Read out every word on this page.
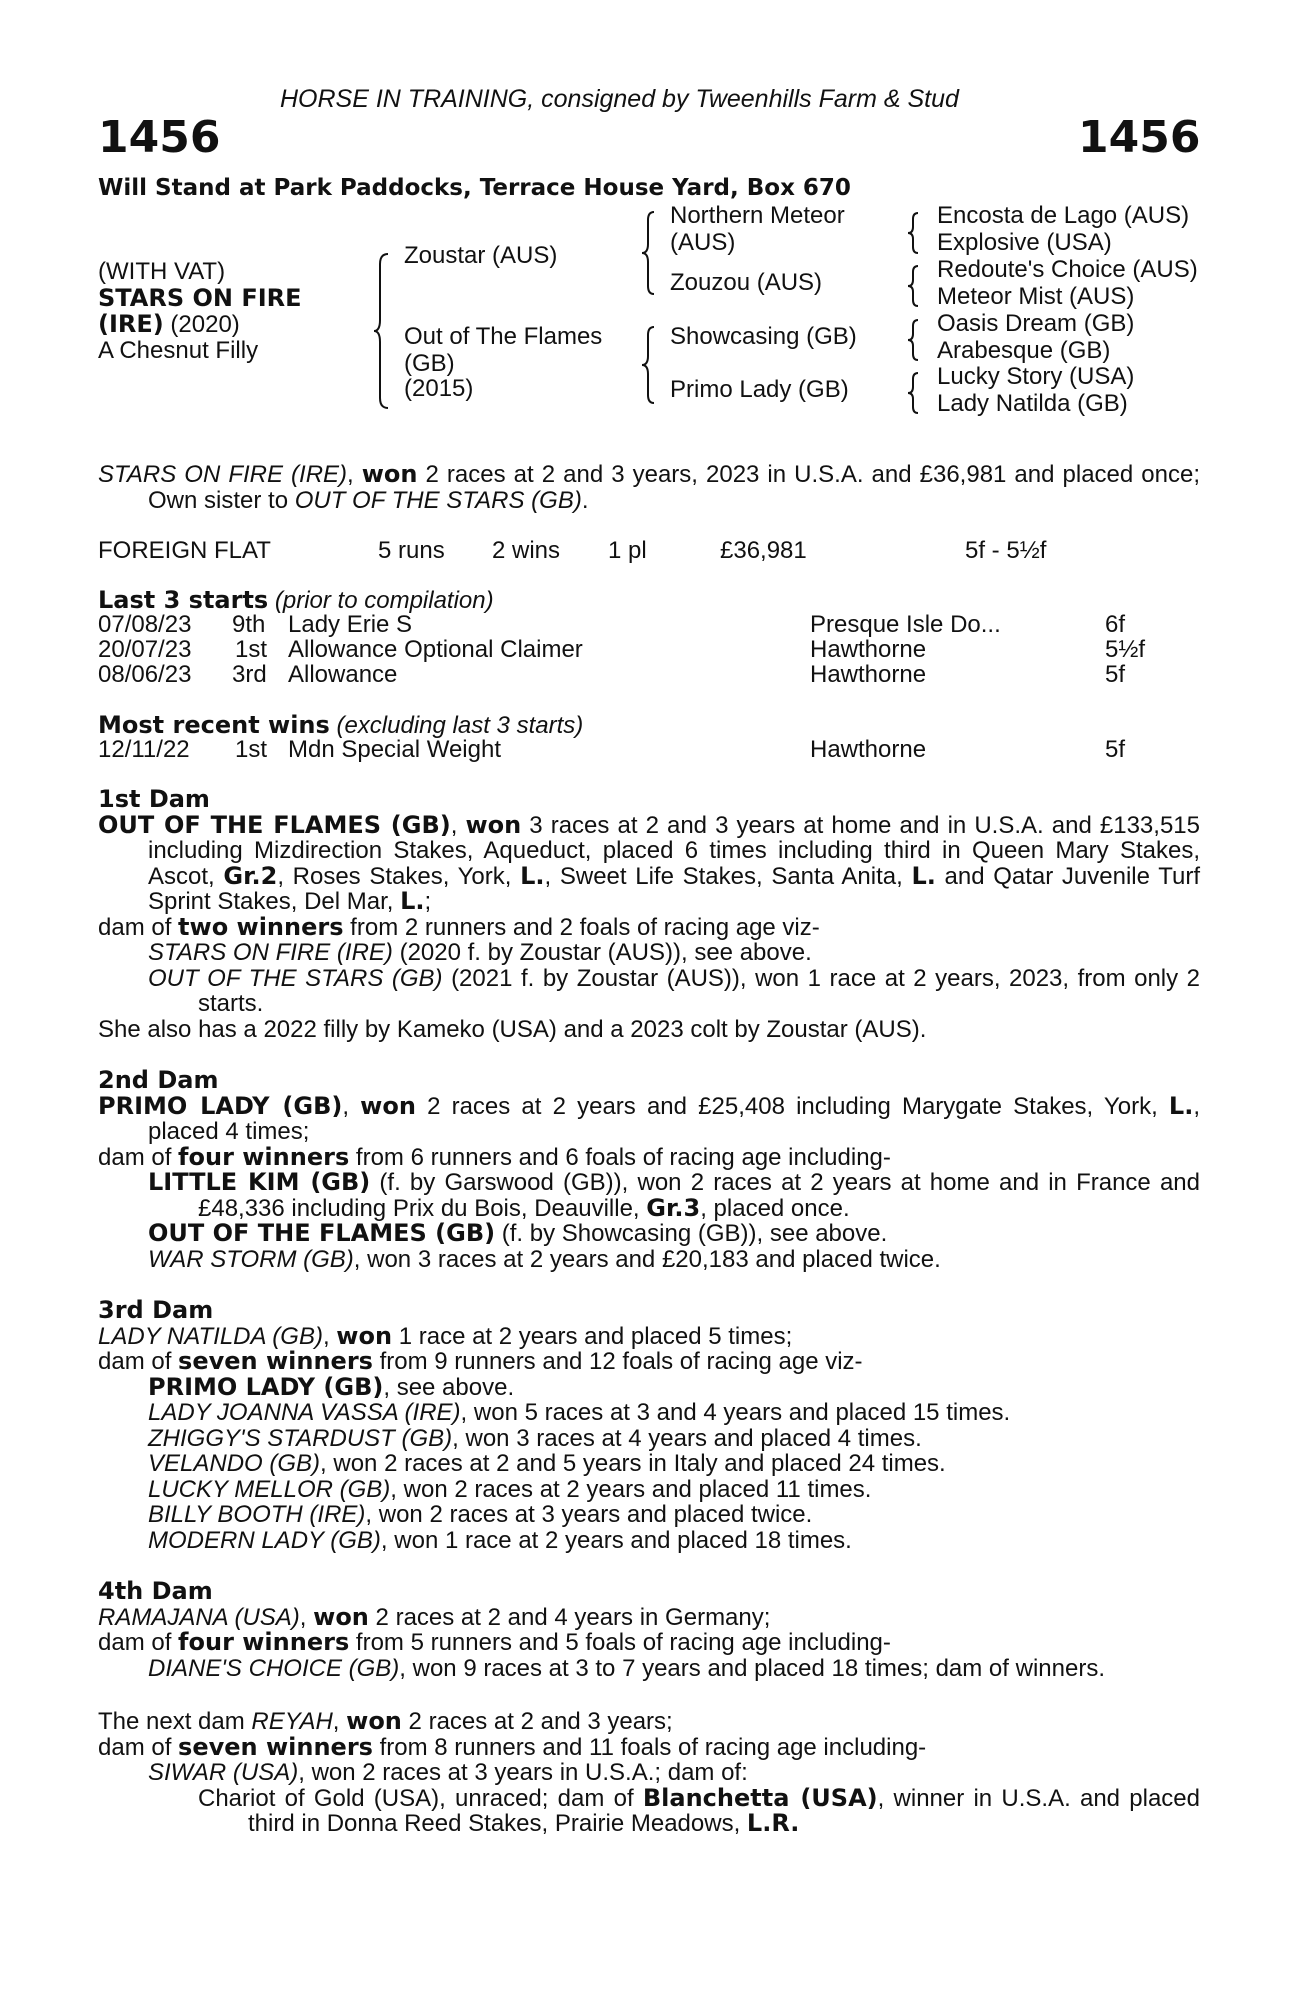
HORSE IN TRAINING, consigned by Tweenhills Farm & Stud
1456	1456
Will Stand at Park Paddocks, Terrace House Yard, Box 670
(WITH VAT)
STARS ON FIRE
(IRE) (2020)
A Chesnut Filly
Zoustar (AUS)
Out of The Flames
(GB)
(2015)
Northern Meteor
(AUS)
Zouzou (AUS)
Showcasing (GB)
Primo Lady (GB)
Encosta de Lago (AUS)
Explosive (USA)
Redoute's Choice (AUS)
Meteor Mist (AUS)
Oasis Dream (GB)
Arabesque (GB)
Lucky Story (USA)
Lady Natilda (GB)

STARS ON FIRE (IRE), won 2 races at 2 and 3 years, 2023 in U.S.A. and £36,981 and placed once; Own sister to OUT OF THE STARS (GB).

FOREIGN FLAT	5 runs 2 wins 1 pl	£36,981	5f - 5½f
Last 3 starts (prior to compilation)
07/08/23 9th Lady Erie S	Presque Isle Do...	6f
20/07/23 1st Allowance Optional Claimer	Hawthorne	5½f
08/06/23 3rd Allowance	Hawthorne	5f
Most recent wins (excluding last 3 starts)
12/11/22 1st Mdn Special Weight	Hawthorne	5f

1st Dam

OUT OF THE FLAMES (GB), won 3 races at 2 and 3 years at home and in U.S.A. and £133,515 including Mizdirection Stakes, Aqueduct, placed 6 times including third in Queen Mary Stakes, Ascot, Gr.2, Roses Stakes, York, L., Sweet Life Stakes, Santa Anita, L. and Qatar Juvenile Turf Sprint Stakes, Del Mar, L.;

dam of two winners from 2 runners and 2 foals of racing age viz-

STARS ON FIRE (IRE) (2020 f. by Zoustar (AUS)), see above.

OUT OF THE STARS (GB) (2021 f. by Zoustar (AUS)), won 1 race at 2 years, 2023, from only 2 starts.

She also has a 2022 filly by Kameko (USA) and a 2023 colt by Zoustar (AUS).

2nd Dam

PRIMO LADY (GB), won 2 races at 2 years and £25,408 including Marygate Stakes, York, L., placed 4 times;

dam of four winners from 6 runners and 6 foals of racing age including-

LITTLE KIM (GB) (f. by Garswood (GB)), won 2 races at 2 years at home and in France and £48,336 including Prix du Bois, Deauville, Gr.3, placed once.

OUT OF THE FLAMES (GB) (f. by Showcasing (GB)), see above.

WAR STORM (GB), won 3 races at 2 years and £20,183 and placed twice.

3rd Dam

LADY NATILDA (GB), won 1 race at 2 years and placed 5 times;

dam of seven winners from 9 runners and 12 foals of racing age viz-

PRIMO LADY (GB), see above.

LADY JOANNA VASSA (IRE), won 5 races at 3 and 4 years and placed 15 times.

ZHIGGY'S STARDUST (GB), won 3 races at 4 years and placed 4 times.

VELANDO (GB), won 2 races at 2 and 5 years in Italy and placed 24 times.

LUCKY MELLOR (GB), won 2 races at 2 years and placed 11 times.

BILLY BOOTH (IRE), won 2 races at 3 years and placed twice.

MODERN LADY (GB), won 1 race at 2 years and placed 18 times.

4th Dam

RAMAJANA (USA), won 2 races at 2 and 4 years in Germany;

dam of four winners from 5 runners and 5 foals of racing age including-

DIANE'S CHOICE (GB), won 9 races at 3 to 7 years and placed 18 times; dam of winners.

The next dam REYAH, won 2 races at 2 and 3 years;

dam of seven winners from 8 runners and 11 foals of racing age including-

SIWAR (USA), won 2 races at 3 years in U.S.A.; dam of:

Chariot of Gold (USA), unraced; dam of Blanchetta (USA), winner in U.S.A. and placed third in Donna Reed Stakes, Prairie Meadows, L.R.
